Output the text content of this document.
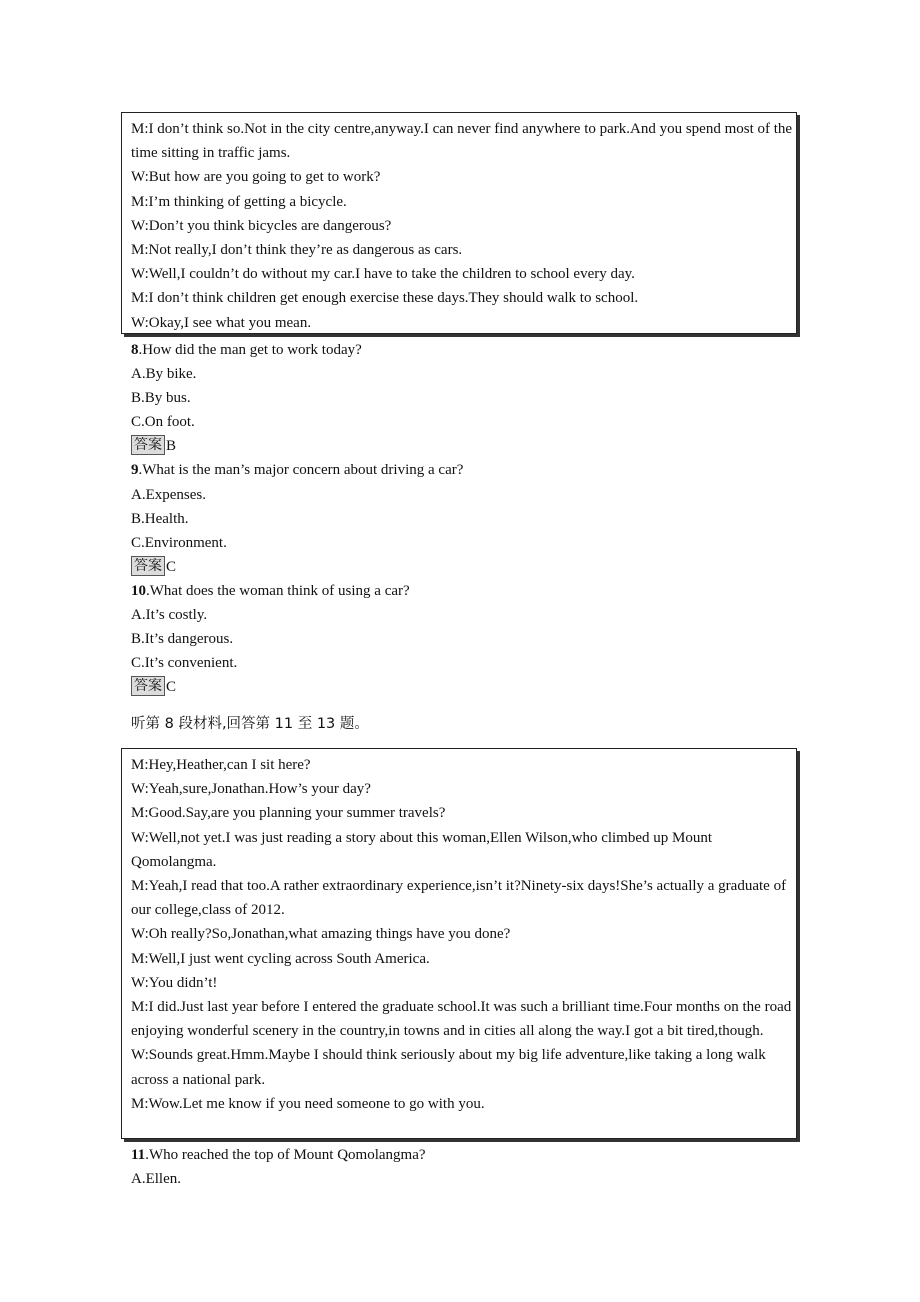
M:I don’t think so.Not in the city centre,anyway.I can never find anywhere to park.And you spend most of the time sitting in traffic jams.
W:But how are you going to get to work?
M:I’m thinking of getting a bicycle.
W:Don’t you think bicycles are dangerous?
M:Not really,I don’t think they’re as dangerous as cars.
W:Well,I couldn’t do without my car.I have to take the children to school every day.
M:I don’t think children get enough exercise these days.They should walk to school.
W:Okay,I see what you mean.
8.How did the man get to work today?
A.By bike.
B.By bus.
C.On foot.
答案 B
9.What is the man’s major concern about driving a car?
A.Expenses.
B.Health.
C.Environment.
答案 C
10.What does the woman think of using a car?
A.It’s costly.
B.It’s dangerous.
C.It’s convenient.
答案 C
听第 8 段材料,回答第 11 至 13 题。
M:Hey,Heather,can I sit here?
W:Yeah,sure,Jonathan.How’s your day?
M:Good.Say,are you planning your summer travels?
W:Well,not yet.I was just reading a story about this woman,Ellen Wilson,who climbed up Mount Qomolangma.
M:Yeah,I read that too.A rather extraordinary experience,isn’t it?Ninety-six days!She’s actually a graduate of our college,class of 2012.
W:Oh really?So,Jonathan,what amazing things have you done?
M:Well,I just went cycling across South America.
W:You didn’t!
M:I did.Just last year before I entered the graduate school.It was such a brilliant time.Four months on the road enjoying wonderful scenery in the country,in towns and in cities all along the way.I got a bit tired,though.
W:Sounds great.Hmm.Maybe I should think seriously about my big life adventure,like taking a long walk across a national park.
M:Wow.Let me know if you need someone to go with you.
11.Who reached the top of Mount Qomolangma?
A.Ellen.
